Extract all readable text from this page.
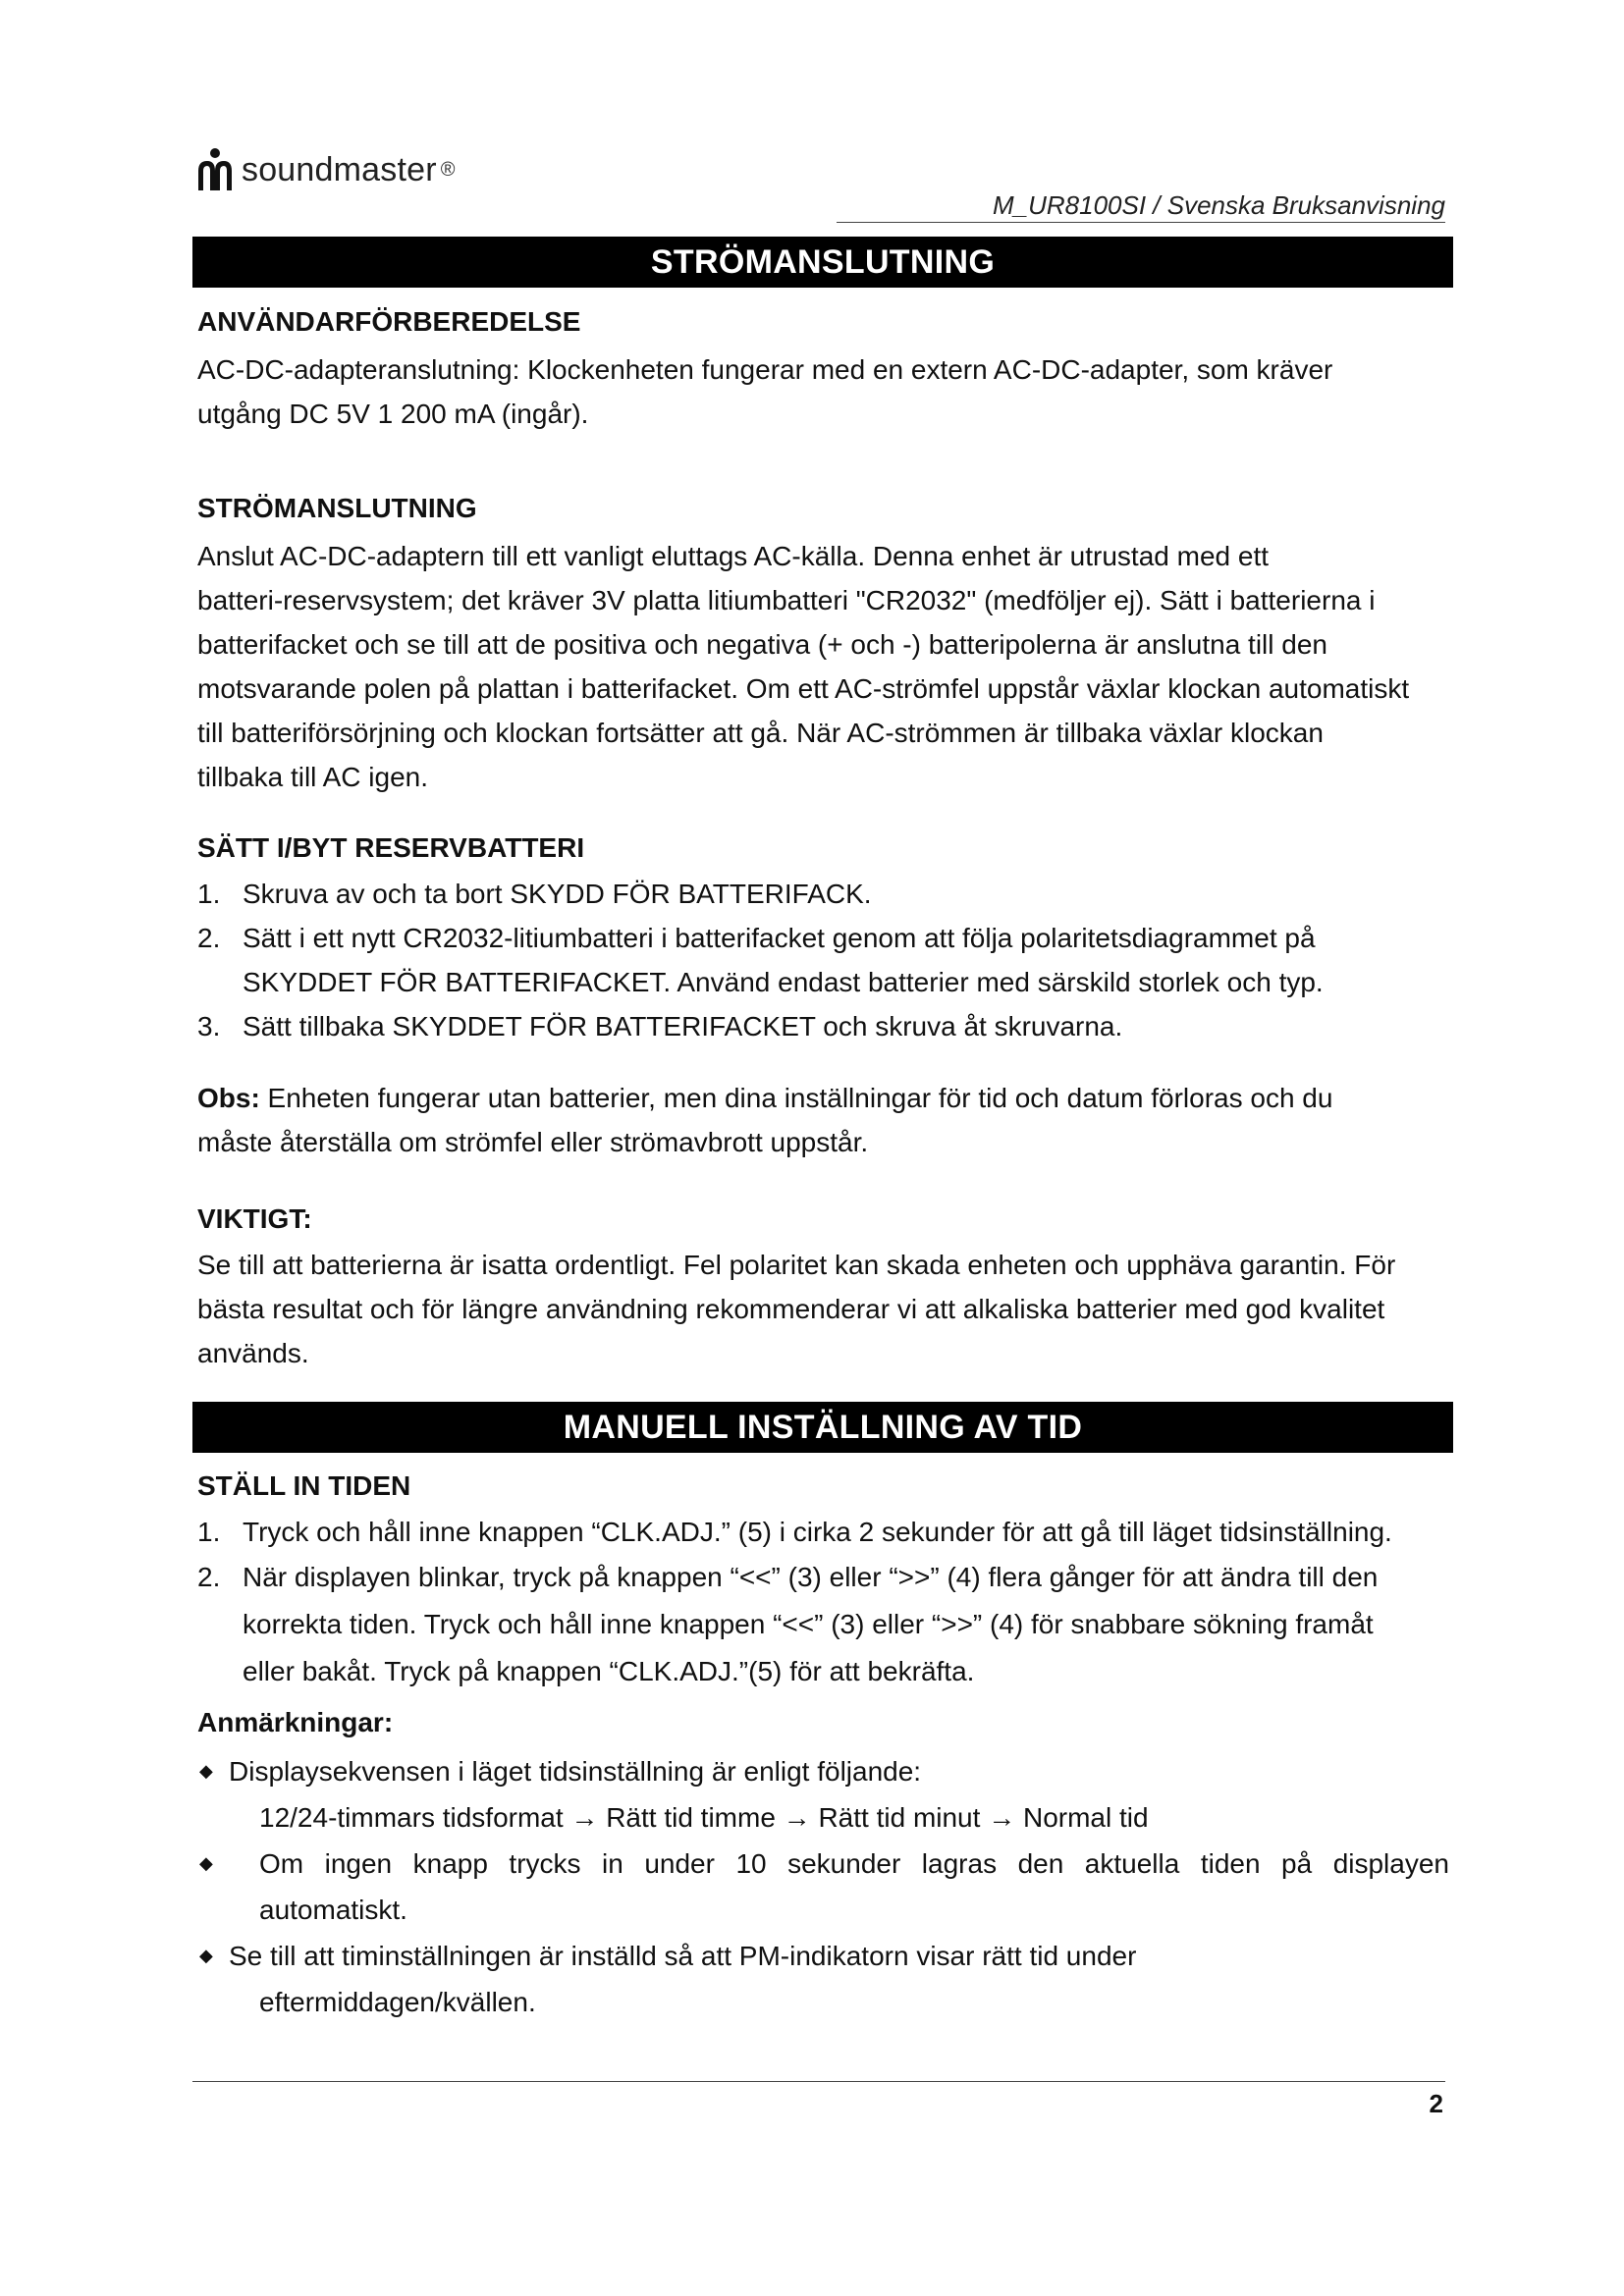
soundmaster ®
M_UR8100SI / Svenska Bruksanvisning
STRÖMANSLUTNING
ANVÄNDARFÖRBEREDELSE
AC-DC-adapteranslutning: Klockenheten fungerar med en extern AC-DC-adapter, som kräver
utgång DC 5V 1 200 mA (ingår).
STRÖMANSLUTNING
Anslut AC-DC-adaptern till ett vanligt eluttags AC-källa. Denna enhet är utrustad med ett
batteri-reservsystem; det kräver 3V platta litiumbatteri "CR2032" (medföljer ej). Sätt i batterierna i
batterifacket och se till att de positiva och negativa (+ och -) batteripolerna är anslutna till den
motsvarande polen på plattan i batterifacket. Om ett AC-strömfel uppstår växlar klockan automatiskt
till batteriförsörjning och klockan fortsätter att gå. När AC-strömmen är tillbaka växlar klockan
tillbaka till AC igen.
SÄTT I/BYT RESERVBATTERI
1. Skruva av och ta bort SKYDD FÖR BATTERIFACK.
2. Sätt i ett nytt CR2032-litiumbatteri i batterifacket genom att följa polaritetsdiagrammet på
SKYDDET FÖR BATTERIFACKET. Använd endast batterier med särskild storlek och typ.
3. Sätt tillbaka SKYDDET FÖR BATTERIFACKET och skruva åt skruvarna.
Obs: Enheten fungerar utan batterier, men dina inställningar för tid och datum förloras och du
måste återställa om strömfel eller strömavbrott uppstår.
VIKTIGT:
Se till att batterierna är isatta ordentligt. Fel polaritet kan skada enheten och upphäva garantin. För
bästa resultat och för längre användning rekommenderar vi att alkaliska batterier med god kvalitet
används.
MANUELL INSTÄLLNING AV TID
STÄLL IN TIDEN
1. Tryck och håll inne knappen “CLK.ADJ.” (5) i cirka 2 sekunder för att gå till läget tidsinställning.
2. När displayen blinkar, tryck på knappen “<<” (3) eller “>>” (4) flera gånger för att ändra till den
korrekta tiden. Tryck och håll inne knappen “<<” (3) eller “>>” (4) för snabbare sökning framåt
eller bakåt. Tryck på knappen “CLK.ADJ.”(5) för att bekräfta.
Anmärkningar:
◆ Displaysekvensen i läget tidsinställning är enligt följande:
12/24-timmars tidsformat → Rätt tid timme → Rätt tid minut → Normal tid
◆ Om ingen knapp trycks in under 10 sekunder lagras den aktuella tiden på displayen
automatiskt.
◆ Se till att timinställningen är inställd så att PM-indikatorn visar rätt tid under
eftermiddagen/kvällen.
2
